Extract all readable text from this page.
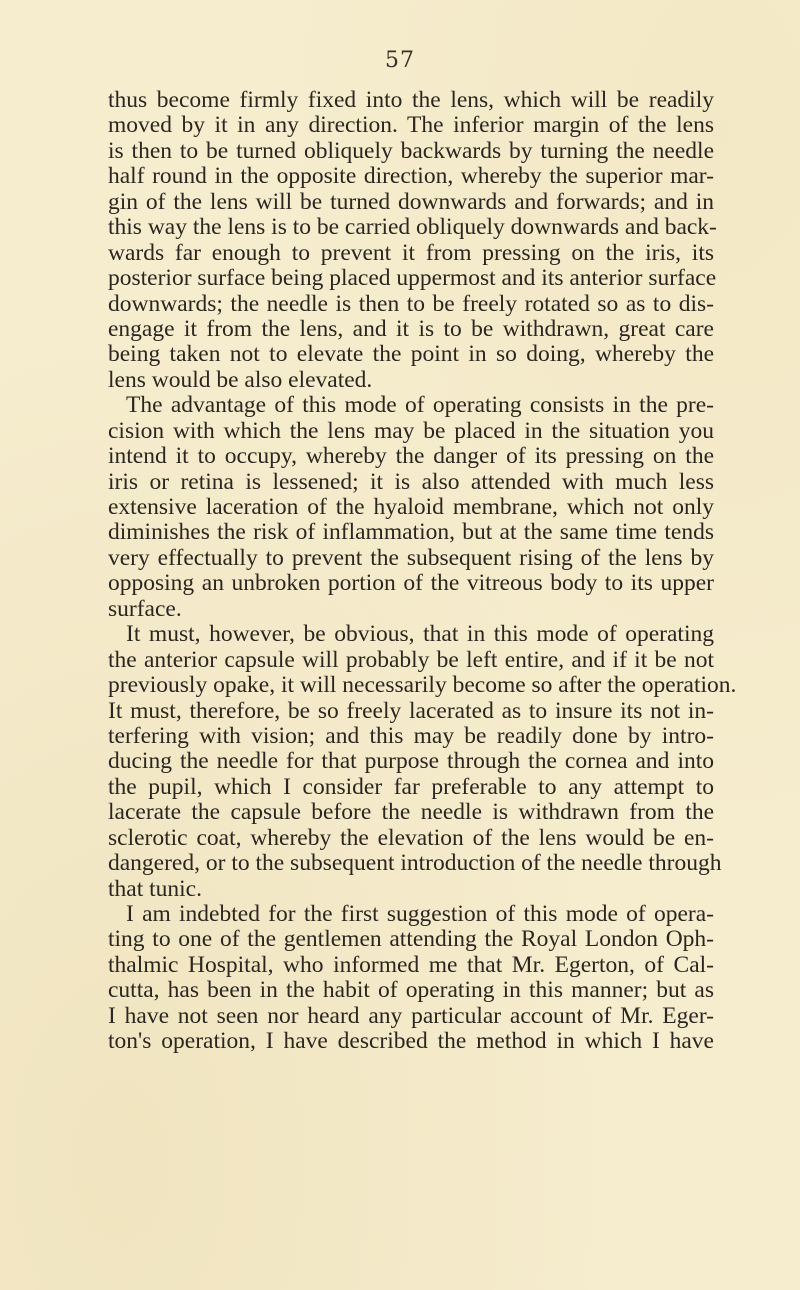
57
thus become firmly fixed into the lens, which will be readily
moved by it in any direction. The inferior margin of the lens
is then to be turned obliquely backwards by turning the needle
half round in the opposite direction, whereby the superior mar-
gin of the lens will be turned downwards and forwards; and in
this way the lens is to be carried obliquely downwards and back-
wards far enough to prevent it from pressing on the iris, its
posterior surface being placed uppermost and its anterior surface
downwards; the needle is then to be freely rotated so as to dis-
engage it from the lens, and it is to be withdrawn, great care
being taken not to elevate the point in so doing, whereby the
lens would be also elevated.
The advantage of this mode of operating consists in the pre-
cision with which the lens may be placed in the situation you
intend it to occupy, whereby the danger of its pressing on the
iris or retina is lessened; it is also attended with much less
extensive laceration of the hyaloid membrane, which not only
diminishes the risk of inflammation, but at the same time tends
very effectually to prevent the subsequent rising of the lens by
opposing an unbroken portion of the vitreous body to its upper
surface.
It must, however, be obvious, that in this mode of operating
the anterior capsule will probably be left entire, and if it be not
previously opake, it will necessarily become so after the operation.
It must, therefore, be so freely lacerated as to insure its not in-
terfering with vision; and this may be readily done by intro-
ducing the needle for that purpose through the cornea and into
the pupil, which I consider far preferable to any attempt to
lacerate the capsule before the needle is withdrawn from the
sclerotic coat, whereby the elevation of the lens would be en-
dangered, or to the subsequent introduction of the needle through
that tunic.
I am indebted for the first suggestion of this mode of opera-
ting to one of the gentlemen attending the Royal London Oph-
thalmic Hospital, who informed me that Mr. Egerton, of Cal-
cutta, has been in the habit of operating in this manner; but as
I have not seen nor heard any particular account of Mr. Eger-
ton's operation, I have described the method in which I have
